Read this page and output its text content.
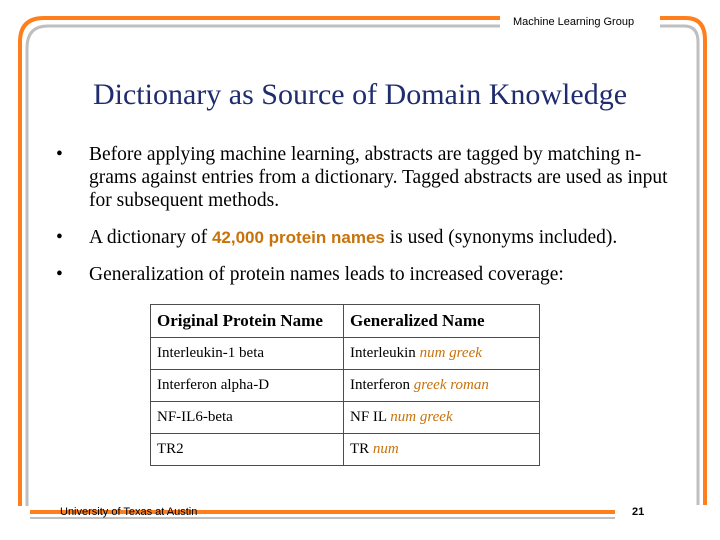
Machine Learning Group
Dictionary as Source of Domain Knowledge
•	Before applying machine learning, abstracts are tagged by matching n-grams against entries from a dictionary. Tagged abstracts are used as input for subsequent methods.
•	A dictionary of 42,000 protein names is used (synonyms included).
•	Generalization of protein names leads to increased coverage:
Original Protein Name	Generalized Name
Interleukin-1 beta	Interleukin num greek
Interferon alpha-D	Interferon greek roman
NF-IL6-beta	NF IL num greek
TR2	TR num
University of Texas at Austin	21
